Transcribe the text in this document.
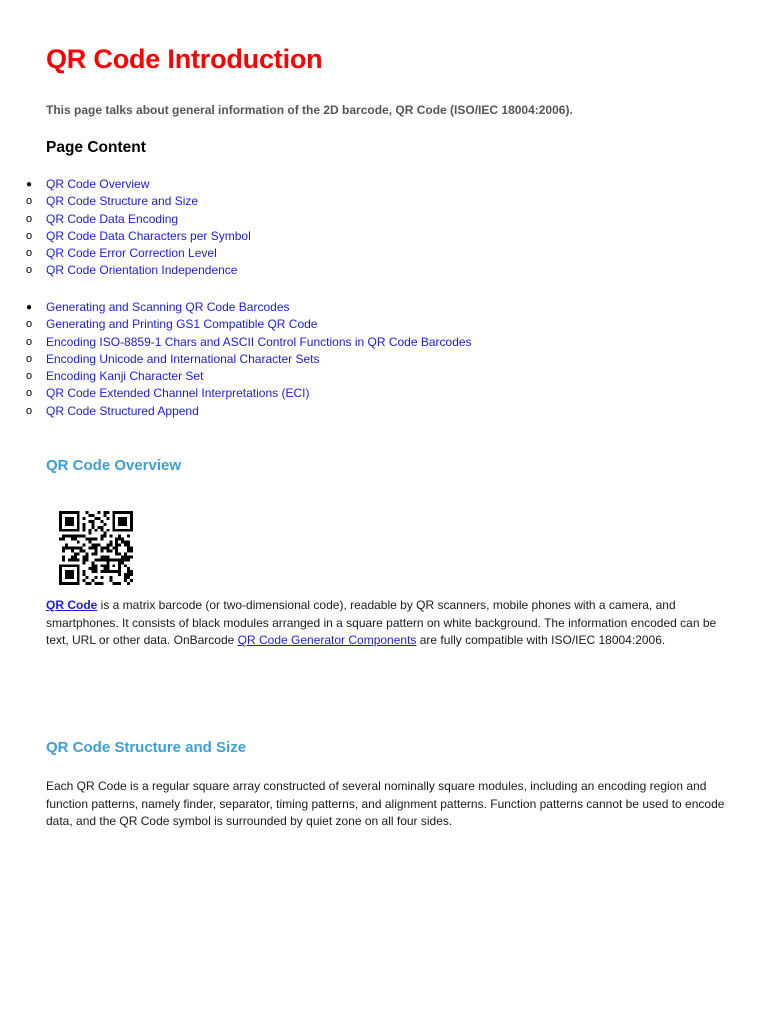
QR Code Introduction

This page talks about general information of the 2D barcode, QR Code (ISO/IEC 18004:2006).

Page Content
●	QR Code Overview
o	QR Code Structure and Size
o	QR Code Data Encoding
o	QR Code Data Characters per Symbol
o	QR Code Error Correction Level
o	QR Code Orientation Independence
●	Generating and Scanning QR Code Barcodes
o	Generating and Printing GS1 Compatible QR Code
o	Encoding ISO-8859-1 Chars and ASCII Control Functions in QR Code Barcodes
o	Encoding Unicode and International Character Sets
o	Encoding Kanji Character Set
o	QR Code Extended Channel Interpretations (ECI)
o	QR Code Structured Append
QR Code Overview

QR Code is a matrix barcode (or two-dimensional code), readable by QR scanners, mobile phones with a camera, and smartphones. It consists of black modules arranged in a square pattern on white background. The information encoded can be text, URL or other data. OnBarcode QR Code Generator Components are fully compatible with ISO/IEC 18004:2006.

QR Code Structure and Size

Each QR Code is a regular square array constructed of several nominally square modules, including an encoding region and function patterns, namely finder, separator, timing patterns, and alignment patterns. Function patterns cannot be used to encode data, and the QR Code symbol is surrounded by quiet zone on all four sides.
